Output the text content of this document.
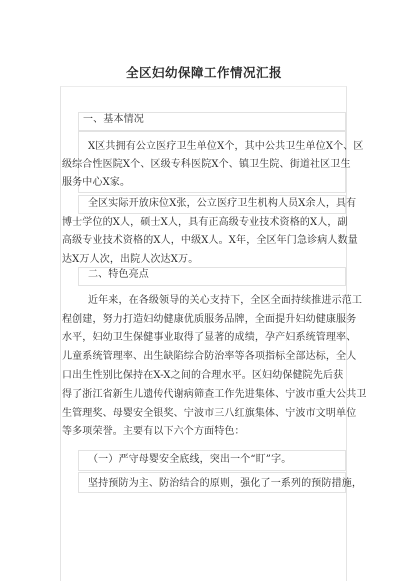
全区妇幼保障工作情况汇报
一、基本情况
X区共拥有公立医疗卫生单位X个，其中公共卫生单位X个、区
级综合性医院X个、区级专科医院X个、镇卫生院、街道社区卫生
服务中心X家。
全区实际开放床位X张，公立医疗卫生机构人员X余人，具有
博士学位的X人，硕士X人，具有正高级专业技术资格的X人，副
高级专业技术资格的X人，中级X人。X年，全区年门急诊病人数量
达X万人次，出院人次达X万。
二、特色亮点
近年来，在各级领导的关心支持下，全区全面持续推进示范工
程创建，努力打造妇幼健康优质服务品牌，全面提升妇幼健康服务
水平，妇幼卫生保健事业取得了显著的成绩，孕产妇系统管理率、
儿童系统管理率、出生缺陷综合防治率等各项指标全部达标，全人
口出生性别比保持在X-X之间的合理水平。区妇幼保健院先后获
得了浙江省新生儿遗传代谢病筛查工作先进集体、宁波市重大公共卫
生管理奖、母婴安全银奖、宁波市三八红旗集体、宁波市文明单位
等多项荣誉。主要有以下六个方面特色：
（一）严守母婴安全底线，突出一个“盯”字。
坚持预防为主、防治结合的原则，强化了一系列的预防措施，
